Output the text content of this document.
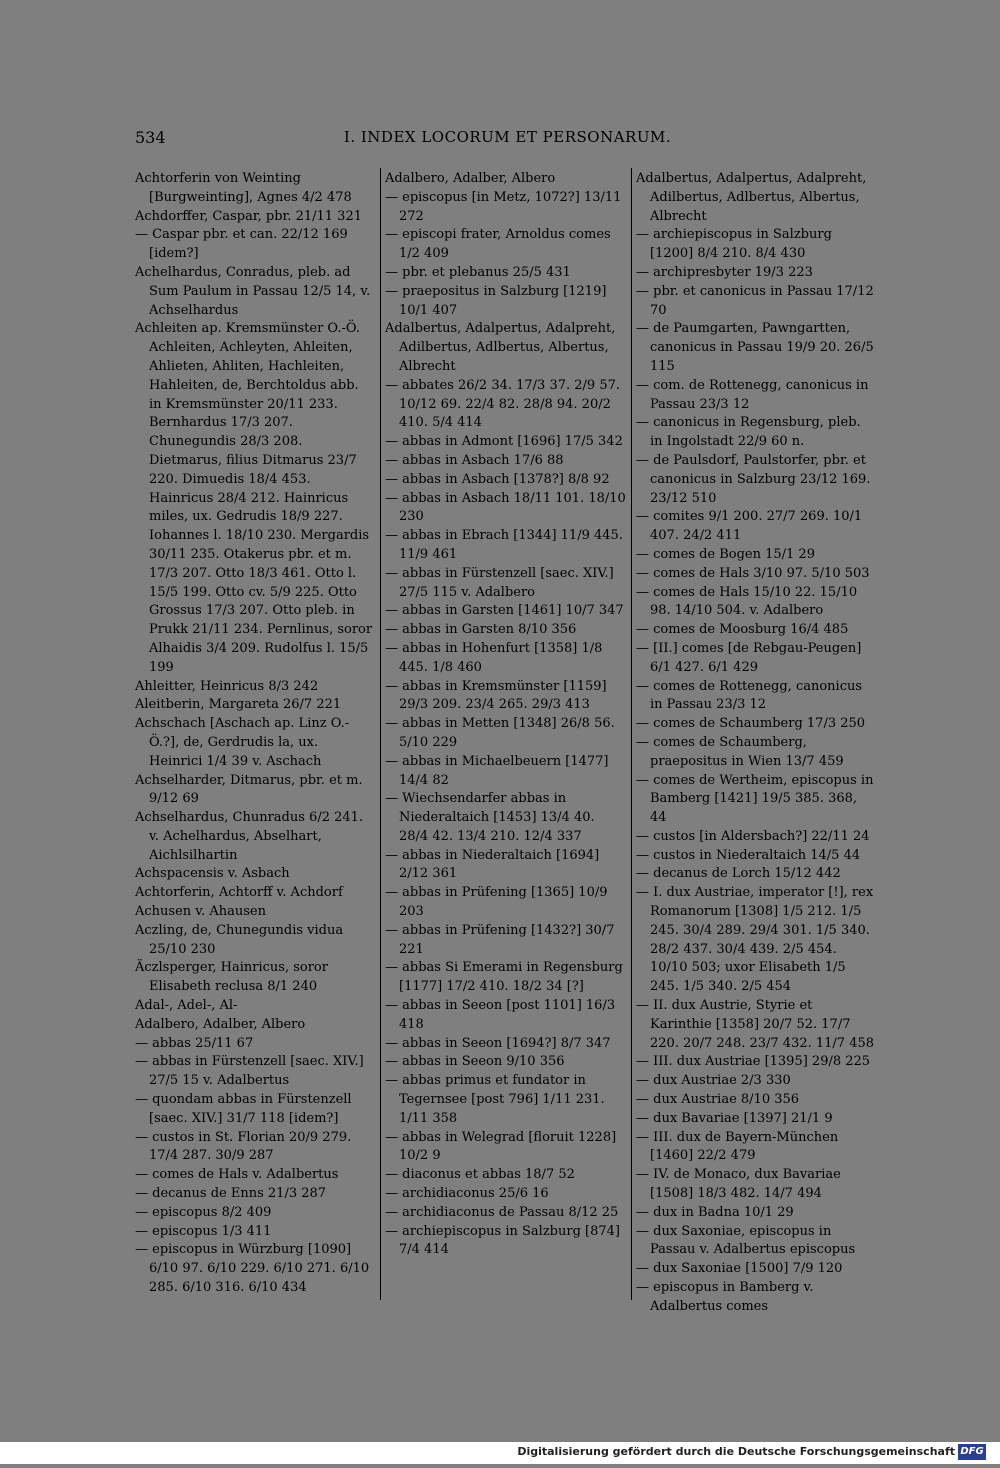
534	I. INDEX LOCORUM ET PERSONARUM.

Achtorferin von Weinting [Burgweinting], Agnes 4/2 478

Achdorffer, Caspar, pbr. 21/11 321

— Caspar pbr. et can. 22/12 169 [idem?]

Achelhardus, Conradus, pleb. ad Sum Paulum in Passau 12/5 14, v. Achselhardus

Achleiten ap. Kremsmünster O.-Ö. Achleiten, Achleyten, Ahleiten, Ahlieten, Ahliten, Hachleiten, Hahleiten, de, Berchtoldus abb. in Kremsmünster 20/11 233. Bernhardus 17/3 207. Chunegundis 28/3 208. Dietmarus, filius Ditmarus 23/7 220. Dimuedis 18/4 453. Hainricus 28/4 212. Hainricus miles, ux. Gedrudis 18/9 227. Iohannes l. 18/10 230. Mergardis 30/11 235. Otakerus pbr. et m. 17/3 207. Otto 18/3 461. Otto l. 15/5 199. Otto cv. 5/9 225. Otto Grossus 17/3 207. Otto pleb. in Prukk 21/11 234. Pernlinus, soror Alhaidis 3/4 209. Rudolfus l. 15/5 199

Ahleitter, Heinricus 8/3 242

Aleitberin, Margareta 26/7 221

Achschach [Aschach ap. Linz O.-Ö.?], de, Gerdrudis la, ux. Heinrici 1/4 39 v. Aschach

Achselharder, Ditmarus, pbr. et m. 9/12 69

Achselhardus, Chunradus 6/2 241. v. Achelhardus, Abselhart, Aichlsilhartin

Achspacensis v. Asbach

Achtorferin, Achtorff v. Achdorf

Achusen v. Ahausen

Aczling, de, Chunegundis vidua 25/10 230

Äczlsperger, Hainricus, soror Elisabeth reclusa 8/1 240

Adal-, Adel-, Al-

Adalbero, Adalber, Albero

— abbas 25/11 67

— abbas in Fürstenzell [saec. XIV.] 27/5 15 v. Adalbertus

— quondam abbas in Fürstenzell [saec. XIV.] 31/7 118 [idem?]

— custos in St. Florian 20/9 279. 17/4 287. 30/9 287

— comes de Hals v. Adalbertus

— decanus de Enns 21/3 287

— episcopus 8/2 409

— episcopus 1/3 411

— episcopus in Würzburg [1090] 6/10 97. 6/10 229. 6/10 271. 6/10 285. 6/10 316. 6/10 434

Adalbero, Adalber, Albero

— episcopus [in Metz, 1072?] 13/11 272

— episcopi frater, Arnoldus comes 1/2 409

— pbr. et plebanus 25/5 431

— praepositus in Salzburg [1219] 10/1 407

Adalbertus, Adalpertus, Adalpreht, Adilbertus, Adlbertus, Albertus, Albrecht

— abbates 26/2 34. 17/3 37. 2/9 57. 10/12 69. 22/4 82. 28/8 94. 20/2 410. 5/4 414

— abbas in Admont [1696] 17/5 342

— abbas in Asbach 17/6 88

— abbas in Asbach [1378?] 8/8 92

— abbas in Asbach 18/11 101. 18/10 230

— abbas in Ebrach [1344] 11/9 445. 11/9 461

— abbas in Fürstenzell [saec. XIV.] 27/5 115 v. Adalbero

— abbas in Garsten [1461] 10/7 347

— abbas in Garsten 8/10 356

— abbas in Hohenfurt [1358] 1/8 445. 1/8 460

— abbas in Kremsmünster [1159] 29/3 209. 23/4 265. 29/3 413

— abbas in Metten [1348] 26/8 56. 5/10 229

— abbas in Michaelbeuern [1477] 14/4 82

— Wiechsendarfer abbas in Niederaltaich [1453] 13/4 40. 28/4 42. 13/4 210. 12/4 337

— abbas in Niederaltaich [1694] 2/12 361

— abbas in Prüfening [1365] 10/9 203

— abbas in Prüfening [1432?] 30/7 221

— abbas Si Emerami in Regensburg [1177] 17/2 410. 18/2 34 [?]

— abbas in Seeon [post 1101] 16/3 418

— abbas in Seeon [1694?] 8/7 347

— abbas in Seeon 9/10 356

— abbas primus et fundator in Tegernsee [post 796] 1/11 231. 1/11 358

— abbas in Welegrad [floruit 1228] 10/2 9

— diaconus et abbas 18/7 52

— archidiaconus 25/6 16

— archidiaconus de Passau 8/12 25

— archiepiscopus in Salzburg [874] 7/4 414

Adalbertus, Adalpertus, Adalpreht, Adilbertus, Adlbertus, Albertus, Albrecht

— archiepiscopus in Salzburg [1200] 8/4 210. 8/4 430

— archipresbyter 19/3 223

— pbr. et canonicus in Passau 17/12 70

— de Paumgarten, Pawngartten, canonicus in Passau 19/9 20. 26/5 115

— com. de Rottenegg, canonicus in Passau 23/3 12

— canonicus in Regensburg, pleb. in Ingolstadt 22/9 60 n.

— de Paulsdorf, Paulstorfer, pbr. et canonicus in Salzburg 23/12 169. 23/12 510

— comites 9/1 200. 27/7 269. 10/1 407. 24/2 411

— comes de Bogen 15/1 29

— comes de Hals 3/10 97. 5/10 503

— comes de Hals 15/10 22. 15/10 98. 14/10 504. v. Adalbero

— comes de Moosburg 16/4 485

— [II.] comes [de Rebgau-Peugen] 6/1 427. 6/1 429

— comes de Rottenegg, canonicus in Passau 23/3 12

— comes de Schaumberg 17/3 250

— comes de Schaumberg, praepositus in Wien 13/7 459

— comes de Wertheim, episcopus in Bamberg [1421] 19/5 385. 368, 44

— custos [in Aldersbach?] 22/11 24

— custos in Niederaltaich 14/5 44

— decanus de Lorch 15/12 442

— I. dux Austriae, imperator [!], rex Romanorum [1308] 1/5 212. 1/5 245. 30/4 289. 29/4 301. 1/5 340. 28/2 437. 30/4 439. 2/5 454. 10/10 503; uxor Elisabeth 1/5 245. 1/5 340. 2/5 454

— II. dux Austrie, Styrie et Karinthie [1358] 20/7 52. 17/7 220. 20/7 248. 23/7 432. 11/7 458

— III. dux Austriae [1395] 29/8 225

— dux Austriae 2/3 330

— dux Austriae 8/10 356

— dux Bavariae [1397] 21/1 9

— III. dux de Bayern-München [1460] 22/2 479

— IV. de Monaco, dux Bavariae [1508] 18/3 482. 14/7 494

— dux in Badna 10/1 29

— dux Saxoniae, episcopus in Passau v. Adalbertus episcopus

— dux Saxoniae [1500] 7/9 120

— episcopus in Bamberg v. Adalbertus comes

Digitalisierung gefördert durch die Deutsche Forschungsgemeinschaft DFG
